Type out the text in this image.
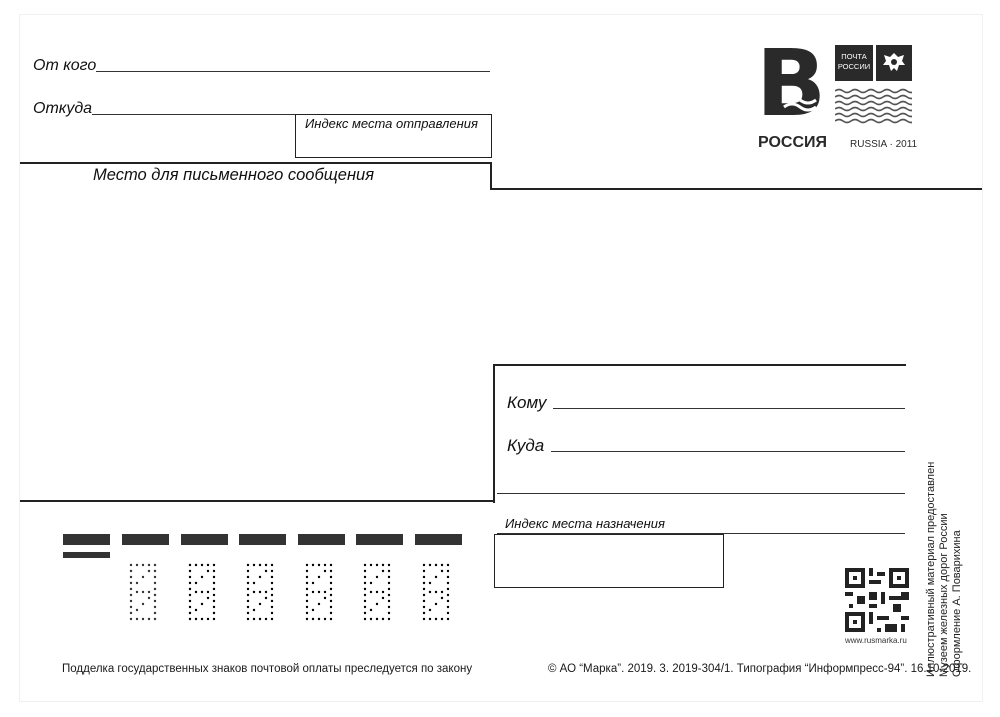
От кого
Откуда
Индекс места отправления
Место для письменного сообщения
В	ПОЧТА
РОССИИ
РОССИЯ RUSSIA · 2011
Кому
Куда
Индекс места назначения
www.rusmarka.ru Иллюстративный материал предоставлен Музеем железных дорог России Оформление А. Поварихина
Подделка государственных знаков почтовой оплаты преследуется по закону	© АО “Марка”. 2019. 3. 2019-304/1. Типография “Информпресс-94”. 16.10.2019.
